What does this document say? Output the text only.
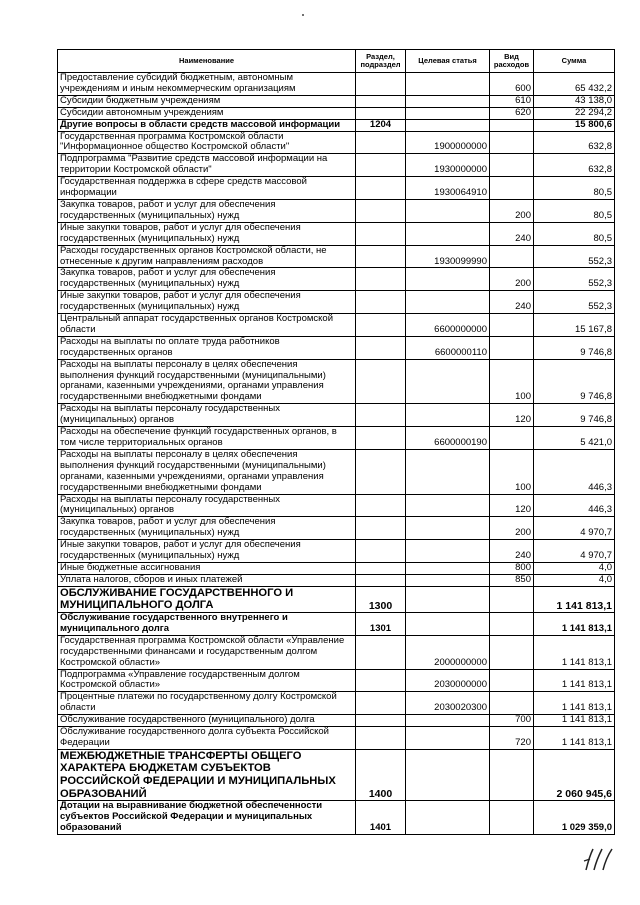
Наименование	Раздел, подраздел	Целевая статья	Вид расходов	Сумма
Предоставление субсидий бюджетным, автономным учреждениям и иным некоммерческим организациям			600	65 432,2
Субсидии бюджетным учреждениям			610	43 138,0
Субсидии автономным учреждениям			620	22 294,2
Другие вопросы в области средств массовой информации	1204			15 800,6
Государственная программа Костромской области "Информационное общество Костромской области"		1900000000		632,8
Подпрограмма "Развитие средств массовой информации на территории Костромской области"		1930000000		632,8
Государственная поддержка в сфере средств массовой информации		1930064910		80,5
Закупка товаров, работ и услуг для обеспечения государственных (муниципальных) нужд			200	80,5
Иные закупки товаров, работ и услуг для обеспечения государственных (муниципальных) нужд			240	80,5
Расходы государственных органов Костромской области, не отнесенные к другим направлениям расходов		1930099990		552,3
Закупка товаров, работ и услуг для обеспечения государственных (муниципальных) нужд			200	552,3
Иные закупки товаров, работ и услуг для обеспечения государственных (муниципальных) нужд			240	552,3
Центральный аппарат государственных органов Костромской области		6600000000		15 167,8
Расходы на выплаты по оплате труда работников государственных органов		6600000110		9 746,8
Расходы на выплаты персоналу в целях обеспечения выполнения функций государственными (муниципальными) органами, казенными учреждениями, органами управления государственными внебюджетными фондами			100	9 746,8
Расходы на выплаты персоналу государственных (муниципальных) органов			120	9 746,8
Расходы на обеспечение функций государственных органов, в том числе территориальных органов		6600000190		5 421,0
Расходы на выплаты персоналу в целях обеспечения выполнения функций государственными (муниципальными) органами, казенными учреждениями, органами управления государственными внебюджетными фондами			100	446,3
Расходы на выплаты персоналу государственных (муниципальных) органов			120	446,3
Закупка товаров, работ и услуг для обеспечения государственных (муниципальных) нужд			200	4 970,7
Иные закупки товаров, работ и услуг для обеспечения государственных (муниципальных) нужд			240	4 970,7
Иные бюджетные ассигнования			800	4,0
Уплата налогов, сборов и иных платежей			850	4,0
ОБСЛУЖИВАНИЕ ГОСУДАРСТВЕННОГО И МУНИЦИПАЛЬНОГО ДОЛГА	1300			1 141 813,1
Обслуживание государственного внутреннего и муниципального долга	1301			1 141 813,1
Государственная программа Костромской области «Управление государственными финансами и государственным долгом Костромской области»		2000000000		1 141 813,1
Подпрограмма «Управление государственным долгом Костромской области»		2030000000		1 141 813,1
Процентные платежи по государственному долгу Костромской области		2030020300		1 141 813,1
Обслуживание государственного (муниципального) долга			700	1 141 813,1
Обслуживание государственного долга субъекта Российской Федерации			720	1 141 813,1
МЕЖБЮДЖЕТНЫЕ ТРАНСФЕРТЫ ОБЩЕГО ХАРАКТЕРА БЮДЖЕТАМ СУБЪЕКТОВ РОССИЙСКОЙ ФЕДЕРАЦИИ И МУНИЦИПАЛЬНЫХ ОБРАЗОВАНИЙ	1400			2 060 945,6
Дотации на выравнивание бюджетной обеспеченности субъектов Российской Федерации и муниципальных образований	1401			1 029 359,0
